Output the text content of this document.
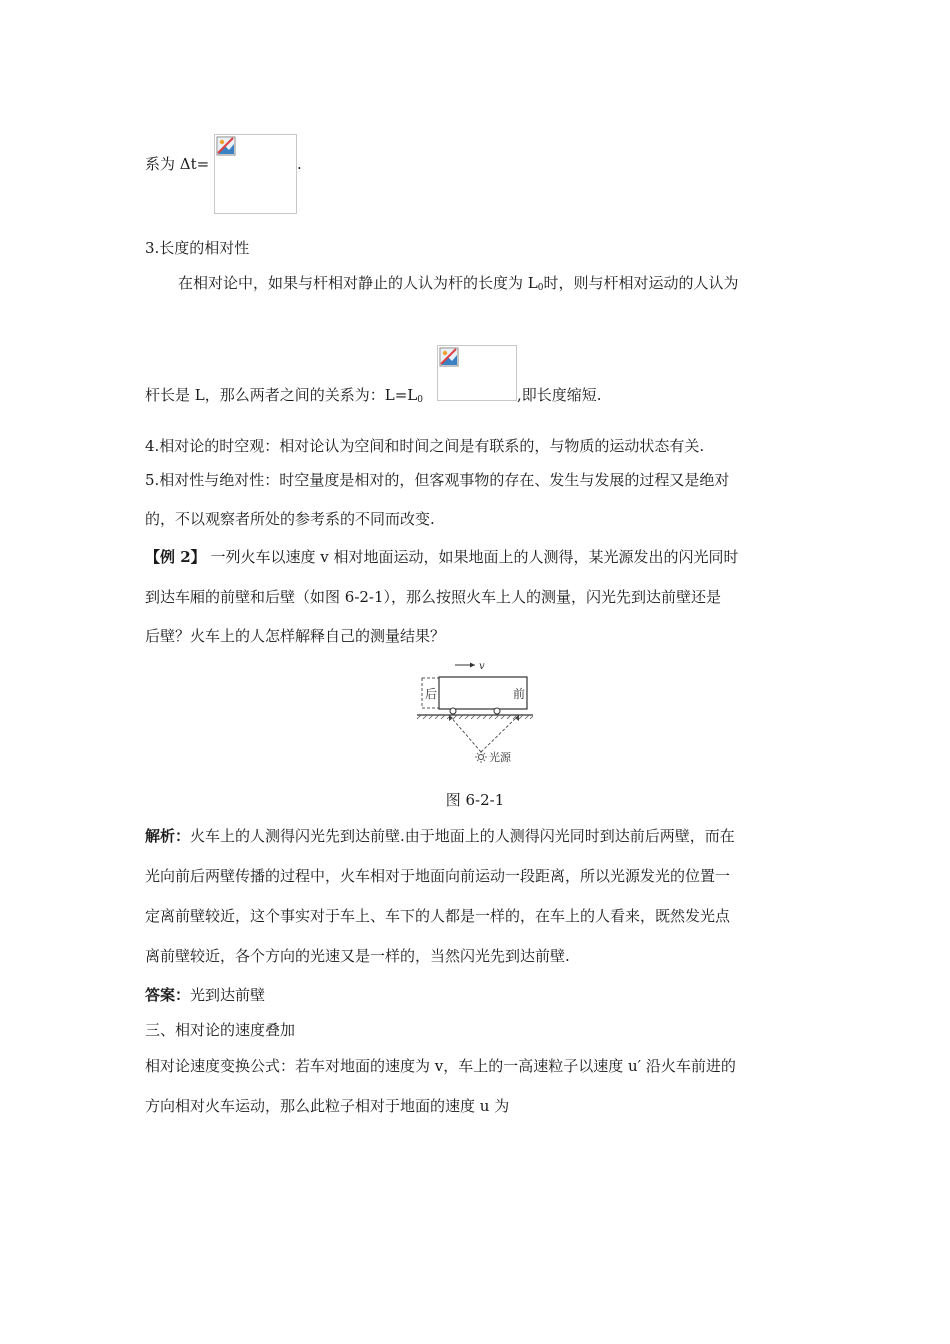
系为 Δt=	.
3.长度的相对性
在相对论中，如果与杆相对静止的人认为杆的长度为 $L_0$时，则与杆相对运动的人认为
杆长是 L，那么两者之间的关系为：$L=L_0$	,即长度缩短.
4.相对论的时空观：相对论认为空间和时间之间是有联系的，与物质的运动状态有关.
5.相对性与绝对性：时空量度是相对的，但客观事物的存在、发生与发展的过程又是绝对
的，不以观察者所处的参考系的不同而改变.
【例 2】 一列火车以速度 v 相对地面运动，如果地面上的人测得，某光源发出的闪光同时
到达车厢的前壁和后壁（如图 6-2-1），那么按照火车上人的测量，闪光先到达前壁还是
后壁？火车上的人怎样解释自己的测量结果？
v
后	前
光源
图 6-2-1
解析：火车上的人测得闪光先到达前壁.由于地面上的人测得闪光同时到达前后两壁，而在
光向前后两壁传播的过程中，火车相对于地面向前运动一段距离，所以光源发光的位置一
定离前壁较近，这个事实对于车上、车下的人都是一样的，在车上的人看来，既然发光点
离前壁较近，各个方向的光速又是一样的，当然闪光先到达前壁.
答案：光到达前壁
三、相对论的速度叠加
相对论速度变换公式：若车对地面的速度为 v，车上的一高速粒子以速度 u′ 沿火车前进的
方向相对火车运动，那么此粒子相对于地面的速度 u 为
